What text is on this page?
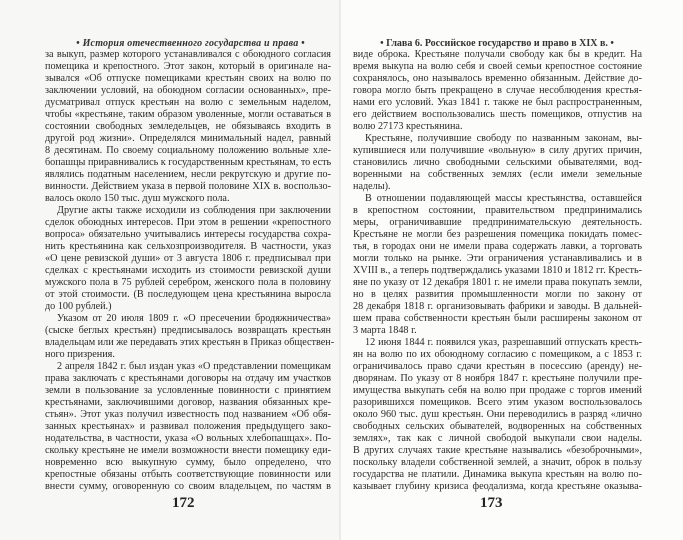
• История отечественного государства и права •
за выкуп, размер которого устанавливался с обоюдного согласия
помещика и крепостного. Этот закон, который в оригинале на-
зывался «Об отпуске помещиками крестьян своих на волю по
заключении условий, на обоюдном согласии основанных», пре-
дусматривал отпуск крестьян на волю с земельным наделом,
чтобы «крестьяне, таким образом уволенные, могли оставаться в
состоянии свободных земледельцев, не обязываясь входить в
другой род жизни». Определялся минимальный надел, равный
8 десятинам. По своему социальному положению вольные хле-
бопашцы приравнивались к государственным крестьянам, то есть
являлись податным населением, несли рекрутскую и другие по-
винности. Действием указа в первой половине XIX в. воспользо-
валось около 150 тыс. душ мужского пола.
Другие акты также исходили из соблюдения при заключении
сделок обоюдных интересов. При этом в решении «крепостного
вопроса» обязательно учитывались интересы государства сохра-
нить крестьянина как сельхозпроизводителя. В частности, указ
«О цене ревизской души» от 3 августа 1806 г. предписывал при
сделках с крестьянами исходить из стоимости ревизской души
мужского пола в 75 рублей серебром, женского пола в половину
от этой стоимости. (В последующем цена крестьянина выросла
до 100 рублей.)
Указом от 20 июля 1809 г. «О пресечении бродяжничества»
(сыске беглых крестьян) предписывалось возвращать крестьян
владельцам или же передавать этих крестьян в Приказ обществен-
ного призрения.
2 апреля 1842 г. был издан указ «О представлении помещикам
права заключать с крестьянами договоры на отдачу им участков
земли в пользование за условленные повинности с принятием
крестьянами, заключившими договор, названия обязанных кре-
стьян». Этот указ получил известность под названием «Об обя-
занных крестьянах» и развивал положения предыдущего зако-
нодательства, в частности, указа «О вольных хлебопашцах». По-
скольку крестьяне не имели возможности внести помещику еди-
новременно всю выкупную сумму, было определено, что
крепостные обязаны отбыть соответствующие повинности или
внести сумму, оговоренную со своим владельцем, по частям в
172
• Глава 6. Российское государство и право в XIX в. •
виде оброка. Крестьяне получали свободу как бы в кредит. На
время выкупа на волю себя и своей семьи крепостное состояние
сохранялось, оно называлось временно обязанным. Действие до-
говора могло быть прекращено в случае несоблюдения крестья-
нами его условий. Указ 1841 г. также не был распространенным,
его действием воспользовались шесть помещиков, отпустив на
волю 27173 крестьянина.
Крестьяне, получившие свободу по названным законам, вы-
купившиеся или получившие «вольную» в силу других причин,
становились лично свободными сельскими обывателями, вод-
воренными на собственных землях (если имели земельные
наделы).
В отношении подавляющей массы крестьянства, оставшейся
в крепостном состоянии, правительством предпринимались
меры, ограничивавшие предпринимательскую деятельность.
Крестьяне не могли без разрешения помещика покидать помес-
тья, в городах они не имели права содержать лавки, а торговать
могли только на рынке. Эти ограничения устанавливались и в
XVIII в., а теперь подтверждались указами 1810 и 1812 гг. Кресть-
яне по указу от 12 декабря 1801 г. не имели права покупать земли,
но в целях развития промышленности могли по закону от
28 декабря 1818 г. организовывать фабрики и заводы. В дальней-
шем права собственности крестьян были расширены законом от
3 марта 1848 г.
12 июня 1844 г. появился указ, разрешавший отпускать кресть-
ян на волю по их обоюдному согласию с помещиком, а с 1853 г.
ограничивалось право сдачи крестьян в посессию (аренду) не-
дворянам. По указу от 8 ноября 1847 г. крестьяне получили пре-
имущества выкупать себя на волю при продаже с торгов имений
разорившихся помещиков. Всего этим указом воспользовалось
около 960 тыс. душ крестьян. Они переводились в разряд «лично
свободных сельских обывателей, водворенных на собственных
землях», так как с личной свободой выкупали свои наделы.
В других случаях такие крестьяне назывались «безоброчными»,
поскольку владели собственной землей, а значит, оброк в пользу
государства не платили. Динамика выкупа крестьян на волю по-
казывает глубину кризиса феодализма, когда крестьяне оказыва-
173
